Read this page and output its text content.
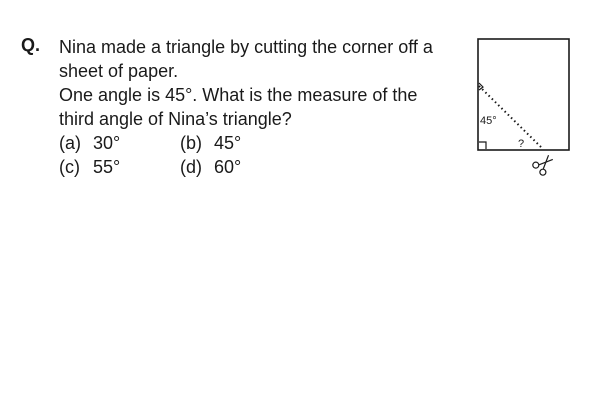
Q. Nina made a triangle by cutting the corner off a
sheet of paper.
One angle is 45°. What is the measure of the
third angle of Nina’s triangle?
(a) 30°	(b) 45°
(c) 55°	(d) 60°
45°
?
